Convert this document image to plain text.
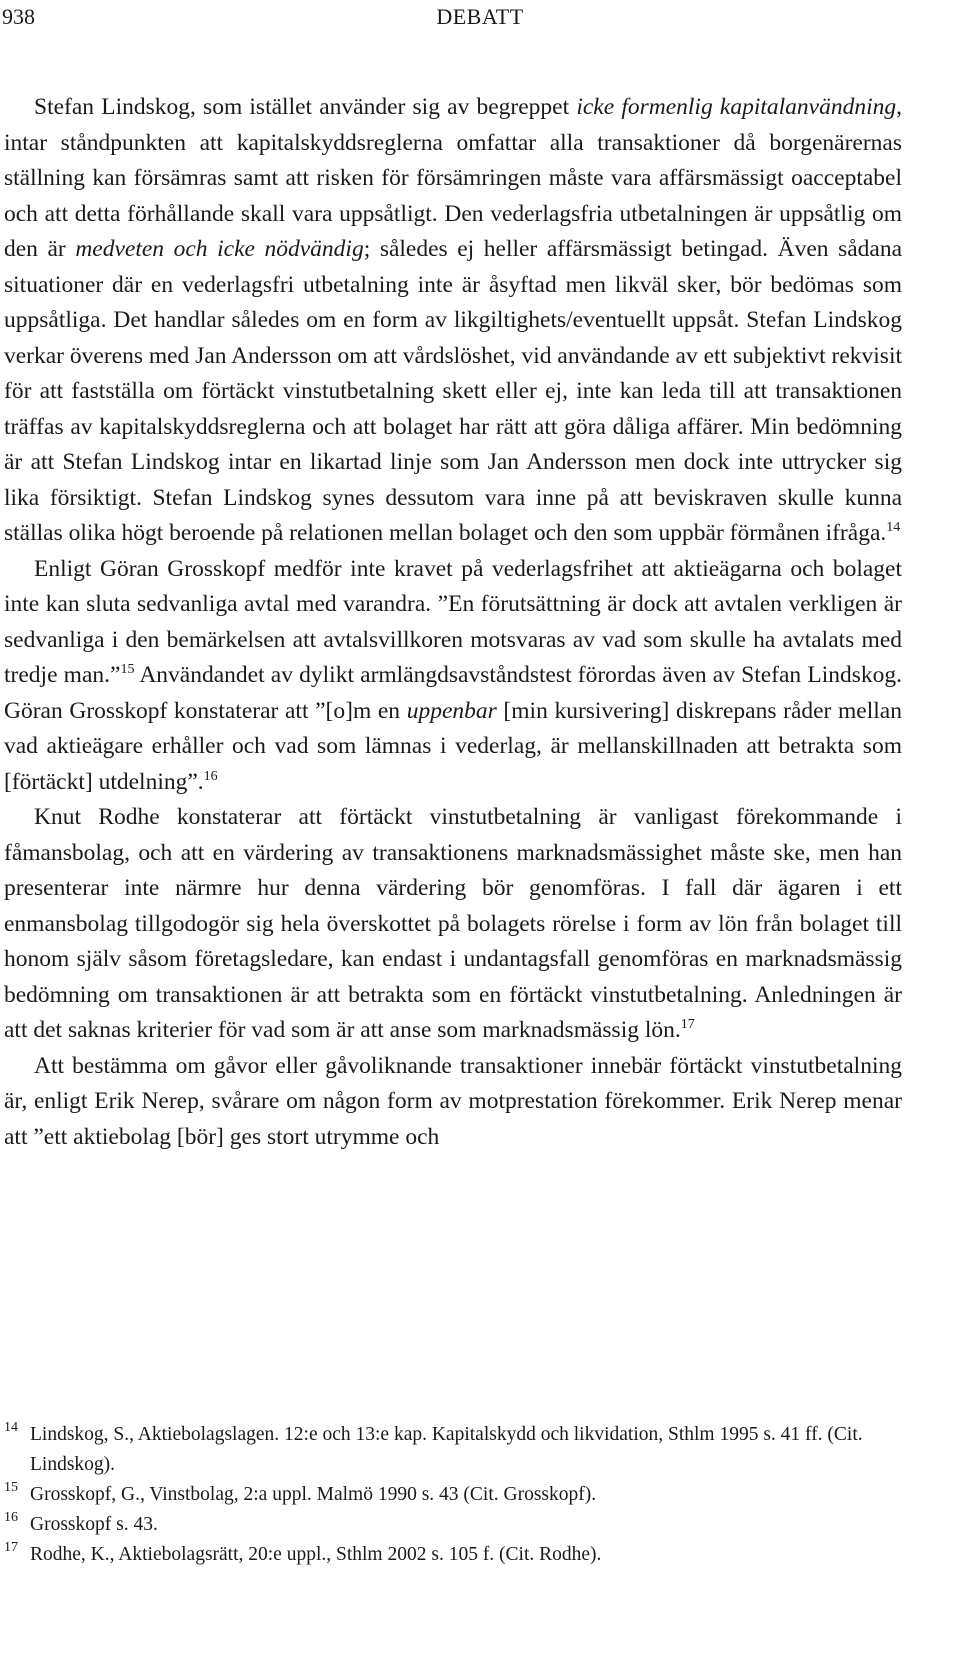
938	DEBATT

Stefan Lindskog, som istället använder sig av begreppet icke formenlig kapitalanvändning, intar ståndpunkten att kapitalskyddsreglerna omfattar alla transaktioner då borgenärernas ställning kan försämras samt att risken för försämringen måste vara affärsmässigt oacceptabel och att detta förhållande skall vara uppsåtligt. Den vederlagsfria utbetalningen är uppsåtlig om den är medveten och icke nödvändig; således ej heller affärsmässigt betingad. Även sådana situationer där en vederlagsfri utbetalning inte är åsyftad men likväl sker, bör bedömas som uppsåtliga. Det handlar således om en form av likgiltighets/eventuellt uppsåt. Stefan Lindskog verkar överens med Jan Andersson om att vårdslöshet, vid användande av ett subjektivt rekvisit för att fastställa om förtäckt vinstutbetalning skett eller ej, inte kan leda till att transaktionen träffas av kapitalskyddsreglerna och att bolaget har rätt att göra dåliga affärer. Min bedömning är att Stefan Lindskog intar en likartad linje som Jan Andersson men dock inte uttrycker sig lika försiktigt. Stefan Lindskog synes dessutom vara inne på att beviskraven skulle kunna ställas olika högt beroende på relationen mellan bolaget och den som uppbär förmånen ifråga.$^{14}$

Enligt Göran Grosskopf medför inte kravet på vederlagsfrihet att aktieägarna och bolaget inte kan sluta sedvanliga avtal med varandra. ”En förutsättning är dock att avtalen verkligen är sedvanliga i den bemärkelsen att avtalsvillkoren motsvaras av vad som skulle ha avtalats med tredje man.”$^{15}$ Användandet av dylikt armlängdsavståndstest förordas även av Stefan Lindskog. Göran Grosskopf konstaterar att ”[o]m en uppenbar [min kursivering] diskrepans råder mellan vad aktieägare erhåller och vad som lämnas i vederlag, är mellanskillnaden att betrakta som [förtäckt] utdelning”.$^{16}$

Knut Rodhe konstaterar att förtäckt vinstutbetalning är vanligast förekommande i fåmansbolag, och att en värdering av transaktionens marknadsmässighet måste ske, men han presenterar inte närmre hur denna värdering bör genomföras. I fall där ägaren i ett enmansbolag tillgodogör sig hela överskottet på bolagets rörelse i form av lön från bolaget till honom själv såsom företagsledare, kan endast i undantagsfall genomföras en marknadsmässig bedömning om transaktionen är att betrakta som en förtäckt vinstutbetalning. Anledningen är att det saknas kriterier för vad som är att anse som marknadsmässig lön.$^{17}$

Att bestämma om gåvor eller gåvoliknande transaktioner innebär förtäckt vinstutbetalning är, enligt Erik Nerep, svårare om någon form av motprestation förekommer. Erik Nerep menar att ”ett aktiebolag [bör] ges stort utrymme och

14 Lindskog, S., Aktiebolagslagen. 12:e och 13:e kap. Kapitalskydd och likvidation, Sthlm 1995 s. 41 ff. (Cit. Lindskog).
15 Grosskopf, G., Vinstbolag, 2:a uppl. Malmö 1990 s. 43 (Cit. Grosskopf).
16 Grosskopf s. 43.
17 Rodhe, K., Aktiebolagsrätt, 20:e uppl., Sthlm 2002 s. 105 f. (Cit. Rodhe).
